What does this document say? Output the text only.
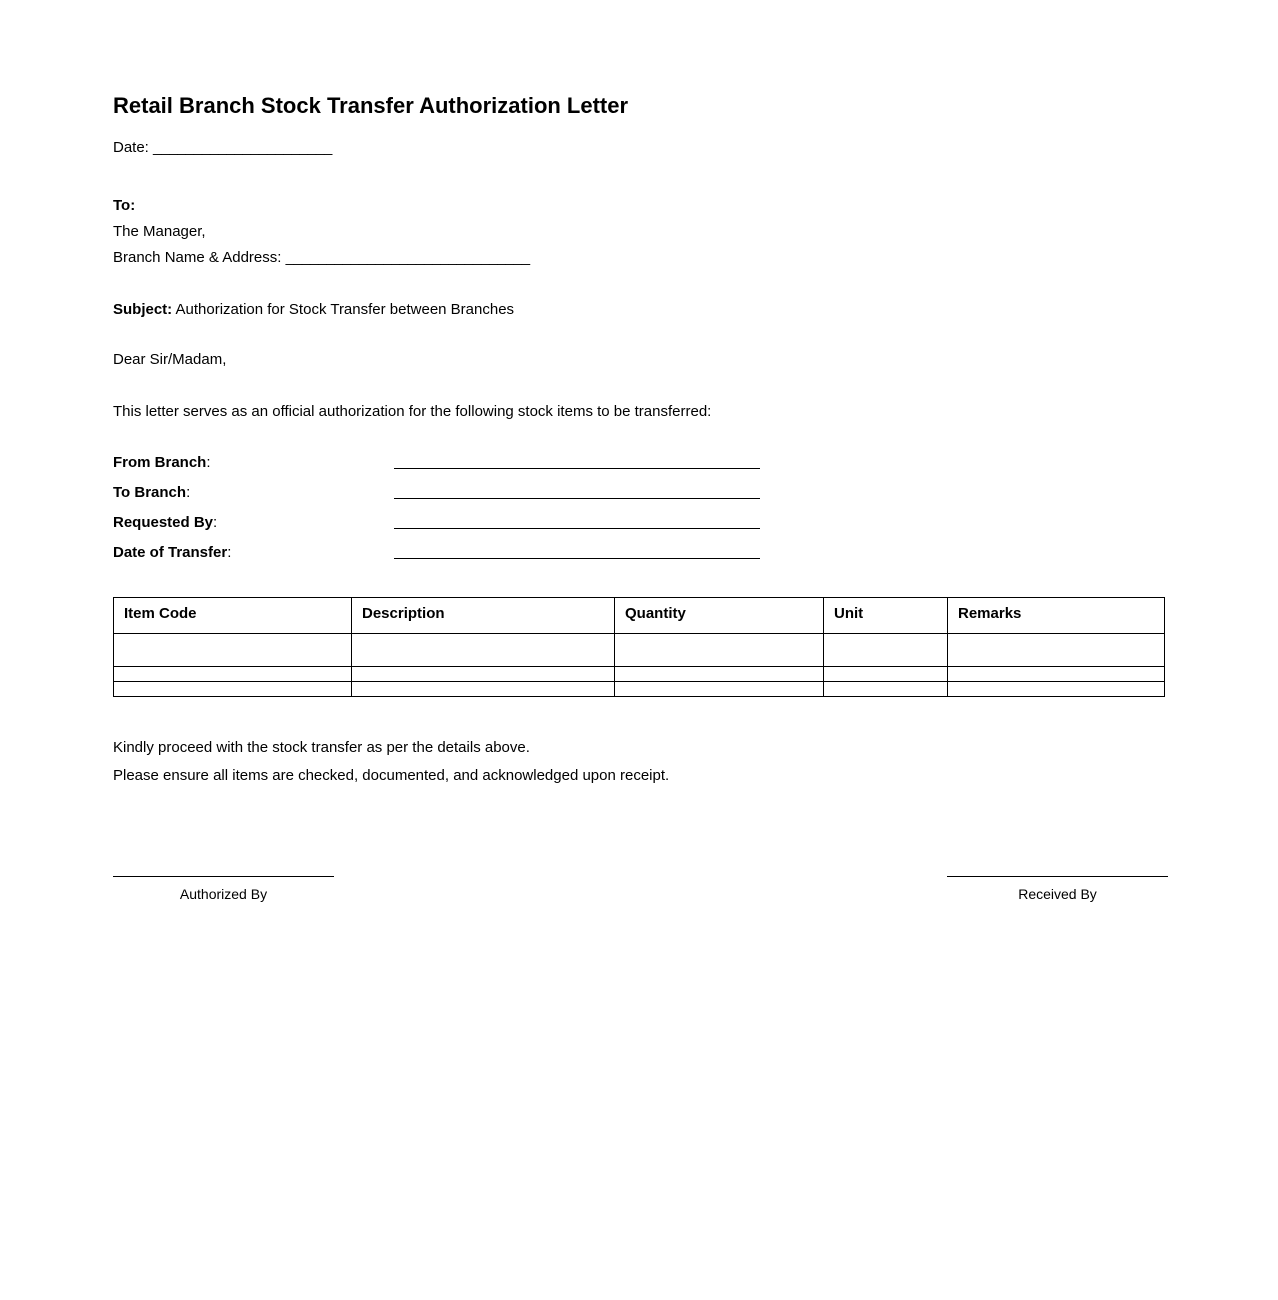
Retail Branch Stock Transfer Authorization Letter
Date: ______________________
To:
The Manager,
Branch Name & Address: ______________________________
Subject: Authorization for Stock Transfer between Branches
Dear Sir/Madam,
This letter serves as an official authorization for the following stock items to be transferred:
From Branch:
To Branch:
Requested By:
Date of Transfer:
Item Code	Description	Quantity	Unit	Remarks

Kindly proceed with the stock transfer as per the details above.
Please ensure all items are checked, documented, and acknowledged upon receipt.
Authorized By	Received By
